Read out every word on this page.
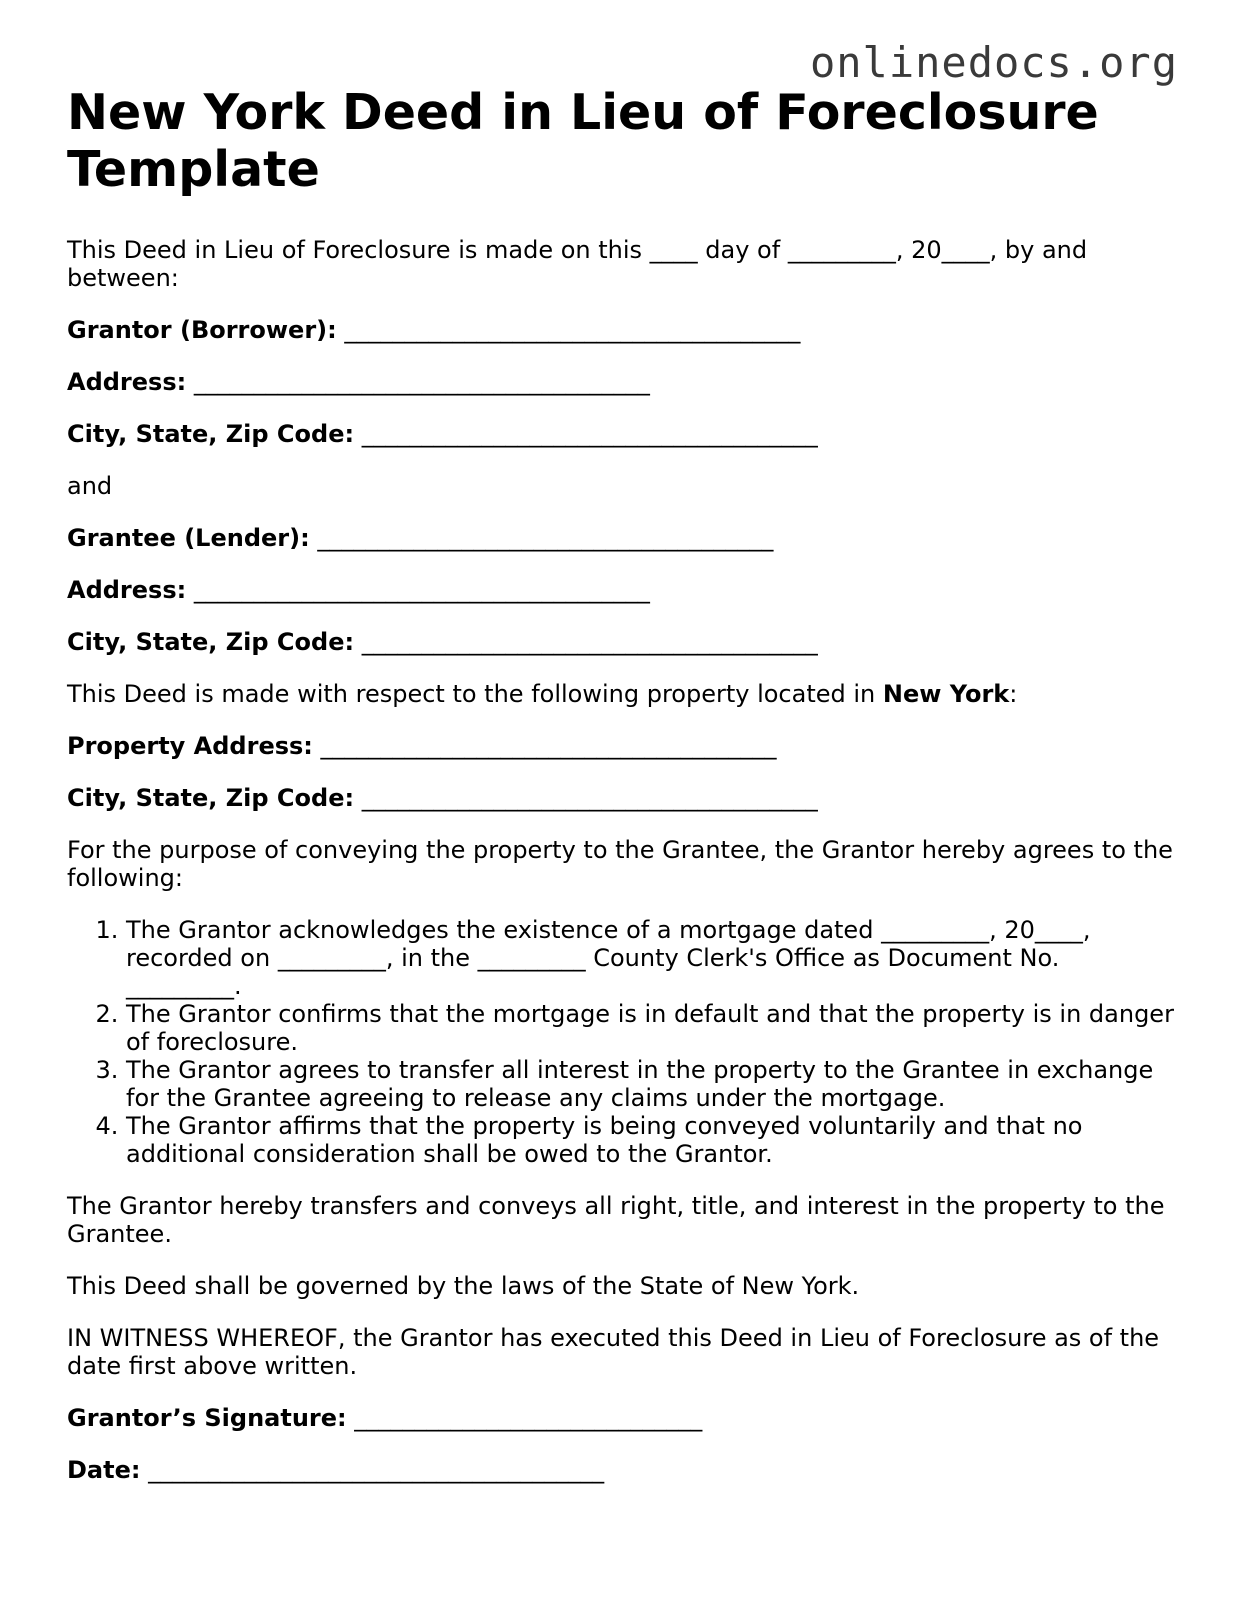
onlinedocs.org
New York Deed in Lieu of Foreclosure Template

This Deed in Lieu of Foreclosure is made on this ____ day of _________, 20____, by and between:

Grantor (Borrower): ______________________________________

Address: ______________________________________

City, State, Zip Code: ______________________________________

and

Grantee (Lender): ______________________________________

Address: ______________________________________

City, State, Zip Code: ______________________________________

This Deed is made with respect to the following property located in New York:

Property Address: ______________________________________

City, State, Zip Code: ______________________________________

For the purpose of conveying the property to the Grantee, the Grantor hereby agrees to the following:

1. The Grantor acknowledges the existence of a mortgage dated _________, 20____, recorded on _________, in the _________ County Clerk's Office as Document No. _________.
2. The Grantor confirms that the mortgage is in default and that the property is in danger of foreclosure.
3. The Grantor agrees to transfer all interest in the property to the Grantee in exchange for the Grantee agreeing to release any claims under the mortgage.
4. The Grantor affirms that the property is being conveyed voluntarily and that no additional consideration shall be owed to the Grantor.

The Grantor hereby transfers and conveys all right, title, and interest in the property to the Grantee.

This Deed shall be governed by the laws of the State of New York.

IN WITNESS WHEREOF, the Grantor has executed this Deed in Lieu of Foreclosure as of the date first above written.

Grantor’s Signature: _____________________________

Date: ______________________________________
